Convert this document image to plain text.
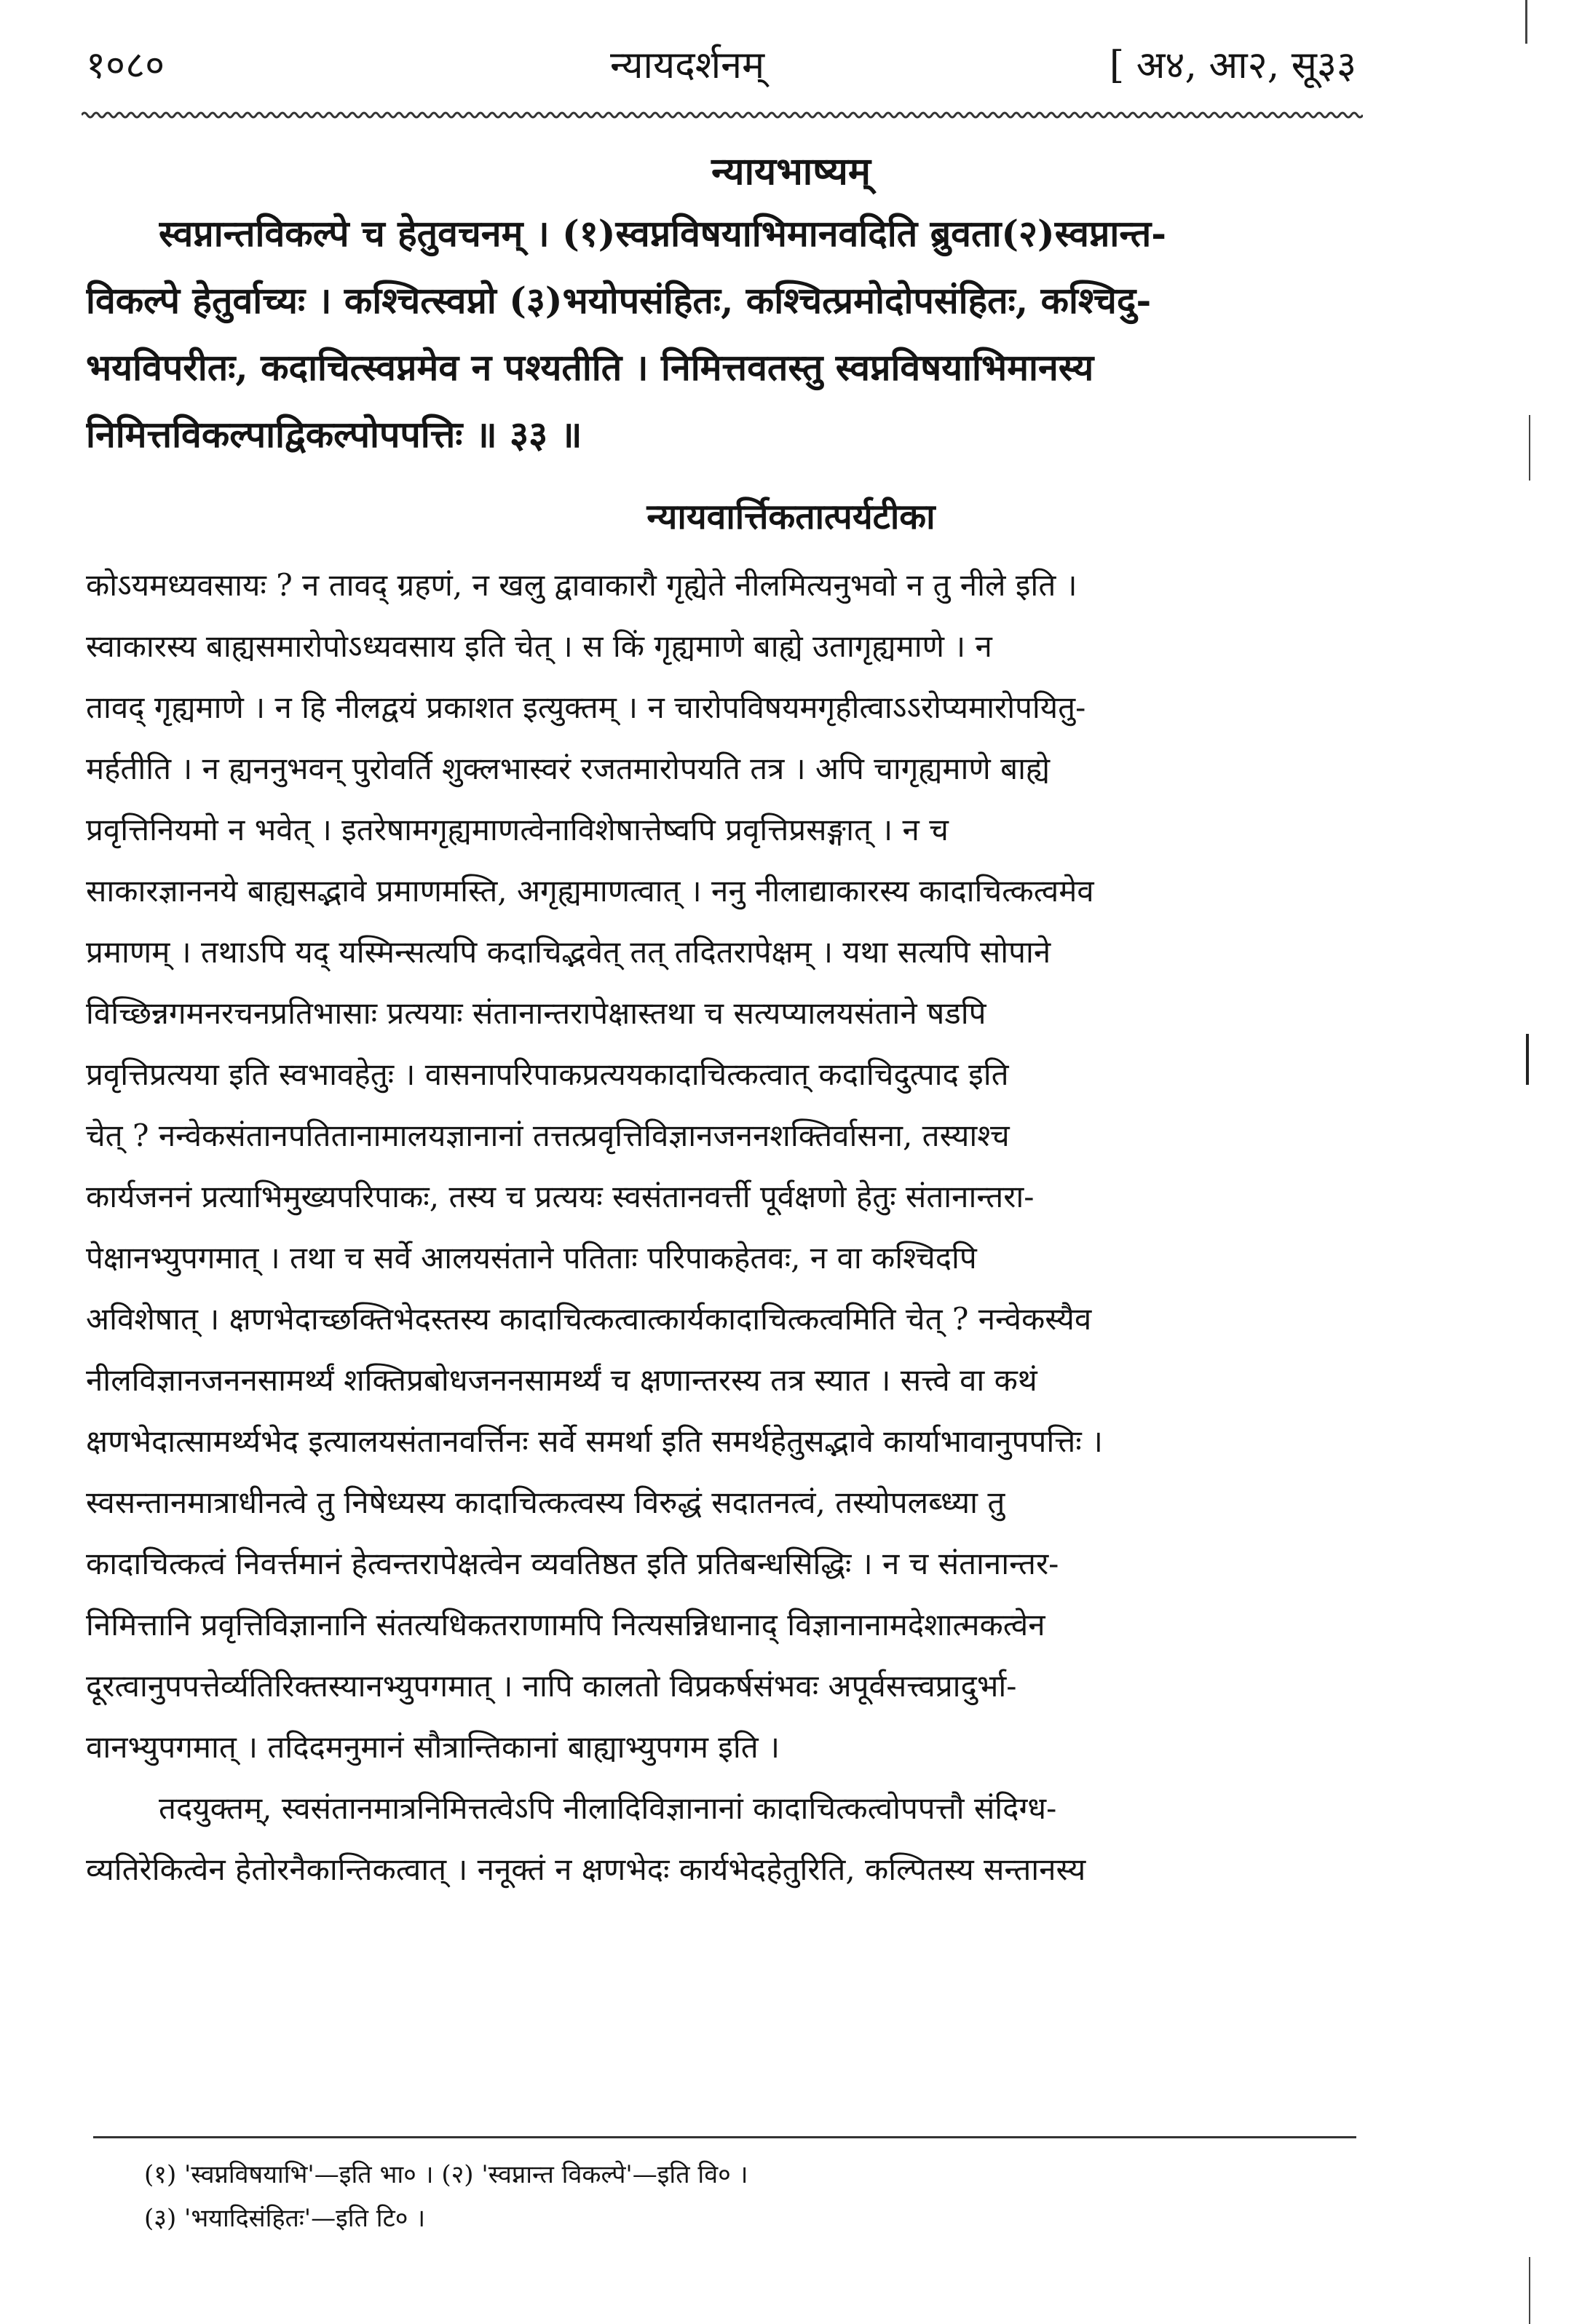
१०८०	न्यायदर्शनम्	[ अ४, आ२, सू३३
न्यायभाष्यम्
स्वप्नान्तविकल्पे च हेतुवचनम् । (१)स्वप्नविषयाभिमानवदिति ब्रुवता(२)स्वप्नान्त-
विकल्पे हेतुर्वाच्यः । कश्चित्स्वप्नो (३)भयोपसंहितः, कश्चित्प्रमोदोपसंहितः, कश्चिदु-
भयविपरीतः, कदाचित्स्वप्नमेव न पश्यतीति । निमित्तवतस्तु स्वप्नविषयाभिमानस्य
निमित्तविकल्पाद्विकल्पोपपत्तिः ॥ ३३ ॥
न्यायवार्त्तिकतात्पर्यटीका
कोऽयमध्यवसायः ? न तावद् ग्रहणं, न खलु द्वावाकारौ गृह्येते नीलमित्यनुभवो न तु नीले इति ।
स्वाकारस्य बाह्यसमारोपोऽध्यवसाय इति चेत् । स किं गृह्यमाणे बाह्ये उतागृह्यमाणे । न
तावद् गृह्यमाणे । न हि नीलद्वयं प्रकाशत इत्युक्तम् । न चारोपविषयमगृहीत्वाऽऽरोप्यमारोपयितु-
मर्हतीति । न ह्यननुभवन् पुरोवर्ति शुक्लभास्वरं रजतमारोपयति तत्र । अपि चागृह्यमाणे बाह्ये
प्रवृत्तिनियमो न भवेत् । इतरेषामगृह्यमाणत्वेनाविशेषात्तेष्वपि प्रवृत्तिप्रसङ्गात् । न च
साकारज्ञाननये बाह्यसद्भावे प्रमाणमस्ति, अगृह्यमाणत्वात् । ननु नीलाद्याकारस्य कादाचित्कत्वमेव
प्रमाणम् । तथाऽपि यद् यस्मिन्सत्यपि कदाचिद्भवेत् तत् तदितरापेक्षम् । यथा सत्यपि सोपाने
विच्छिन्नगमनरचनप्रतिभासाः प्रत्ययाः संतानान्तरापेक्षास्तथा च सत्यप्यालयसंताने षडपि
प्रवृत्तिप्रत्यया इति स्वभावहेतुः । वासनापरिपाकप्रत्ययकादाचित्कत्वात् कदाचिदुत्पाद इति
चेत् ? नन्वेकसंतानपतितानामालयज्ञानानां तत्तत्प्रवृत्तिविज्ञानजननशक्तिर्वासना, तस्याश्च
कार्यजननं प्रत्याभिमुख्यपरिपाकः, तस्य च प्रत्ययः स्वसंतानवर्त्ती पूर्वक्षणो हेतुः संतानान्तरा-
पेक्षानभ्युपगमात् । तथा च सर्वे आलयसंताने पतिताः परिपाकहेतवः, न वा कश्चिदपि
अविशेषात् । क्षणभेदाच्छक्तिभेदस्तस्य कादाचित्कत्वात्कार्यकादाचित्कत्वमिति चेत् ? नन्वेकस्यैव
नीलविज्ञानजननसामर्थ्यं शक्तिप्रबोधजननसामर्थ्यं च क्षणान्तरस्य तत्र स्यात । सत्त्वे वा कथं
क्षणभेदात्सामर्थ्यभेद इत्यालयसंतानवर्त्तिनः सर्वे समर्था इति समर्थहेतुसद्भावे कार्याभावानुपपत्तिः ।
स्वसन्तानमात्राधीनत्वे तु निषेध्यस्य कादाचित्कत्वस्य विरुद्धं सदातनत्वं, तस्योपलब्ध्या तु
कादाचित्कत्वं निवर्त्तमानं हेत्वन्तरापेक्षत्वेन व्यवतिष्ठत इति प्रतिबन्धसिद्धिः । न च संतानान्तर-
निमित्तानि प्रवृत्तिविज्ञानानि संतत्यधिकतराणामपि नित्यसन्निधानाद् विज्ञानानामदेशात्मकत्वेन
दूरत्वानुपपत्तेर्व्यतिरिक्तस्यानभ्युपगमात् । नापि कालतो विप्रकर्षसंभवः अपूर्वसत्त्वप्रादुर्भा-
वानभ्युपगमात् । तदिदमनुमानं सौत्रान्तिकानां बाह्याभ्युपगम इति ।
तदयुक्तम्, स्वसंतानमात्रनिमित्तत्वेऽपि नीलादिविज्ञानानां कादाचित्कत्वोपपत्तौ संदिग्ध-
व्यतिरेकित्वेन हेतोरनैकान्तिकत्वात् । ननूक्तं न क्षणभेदः कार्यभेदहेतुरिति, कल्पितस्य सन्तानस्य
(१) 'स्वप्नविषयाभि'—इति भा० । (२) 'स्वप्नान्त विकल्पे'—इति वि० ।
(३) 'भयादिसंहितः'—इति टि० ।
